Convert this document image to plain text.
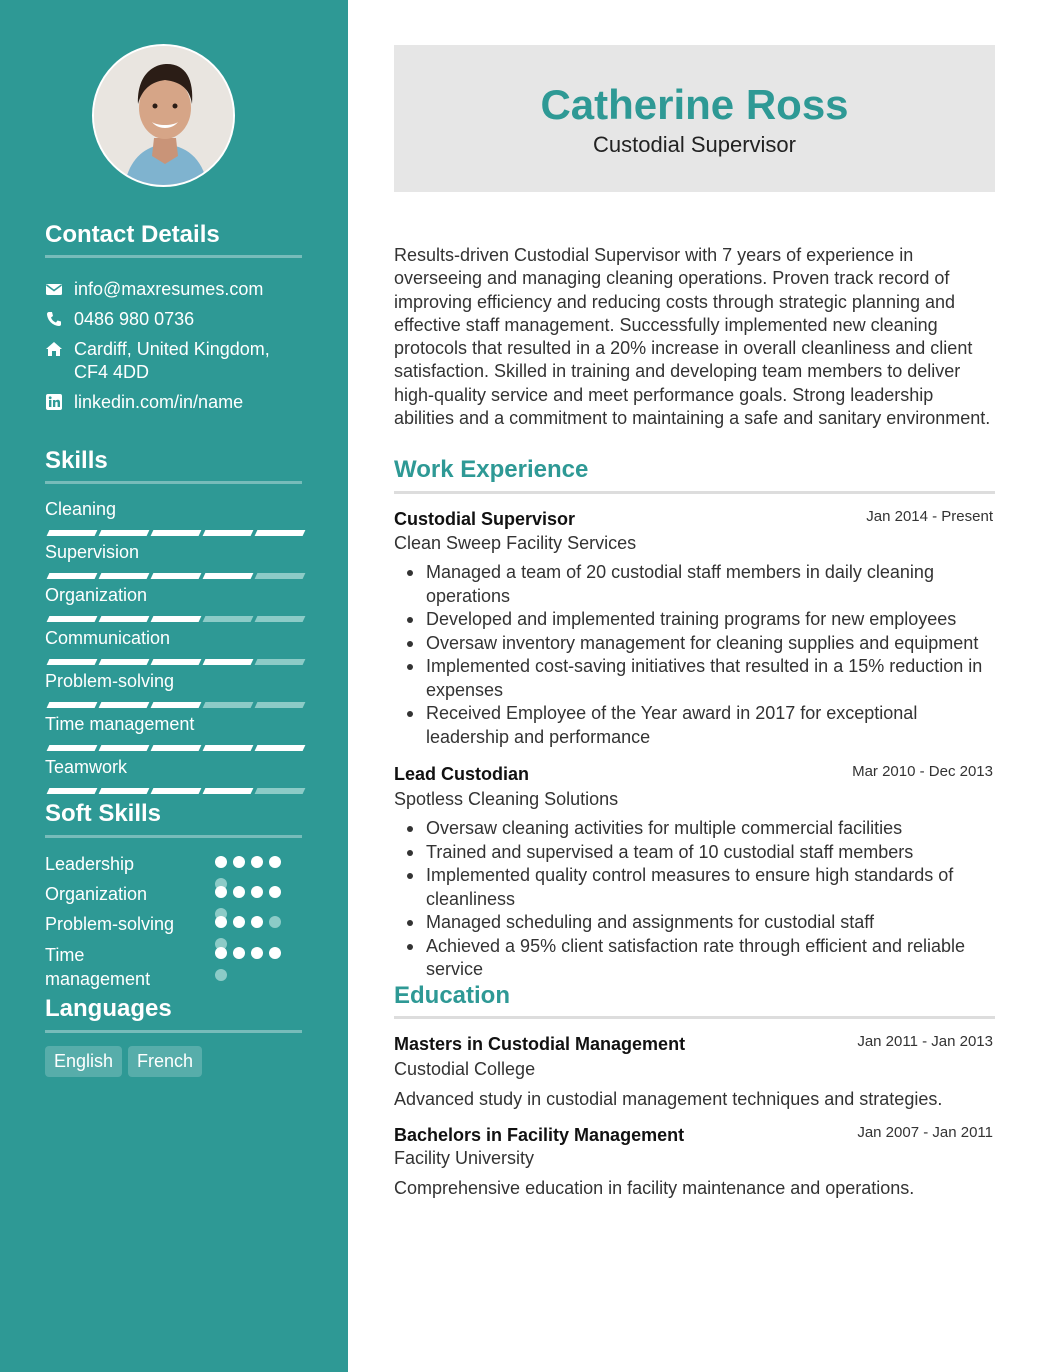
Contact Details
info@maxresumes.com
0486 980 0736
Cardiff, United Kingdom,
CF4 4DD
linkedin.com/in/name
Skills
Cleaning
Supervision
Organization
Communication
Problem-solving
Time management
Teamwork
Soft Skills
Leadership
Organization
Problem-solving
Time management
Languages
English	French
Catherine Ross
Custodial Supervisor

Results-driven Custodial Supervisor with 7 years of experience in overseeing and managing cleaning operations. Proven track record of improving efficiency and reducing costs through strategic planning and effective staff management. Successfully implemented new cleaning protocols that resulted in a 20% increase in overall cleanliness and client satisfaction. Skilled in training and developing team members to deliver high-quality service and meet performance goals. Strong leadership abilities and a commitment to maintaining a safe and sanitary environment.

Work Experience
Custodial Supervisor	Jan 2014 - Present
Clean Sweep Facility Services
Managed a team of 20 custodial staff members in daily cleaning operations
Developed and implemented training programs for new employees
Oversaw inventory management for cleaning supplies and equipment
Implemented cost-saving initiatives that resulted in a 15% reduction in expenses
Received Employee of the Year award in 2017 for exceptional leadership and performance
Lead Custodian	Mar 2010 - Dec 2013
Spotless Cleaning Solutions
Oversaw cleaning activities for multiple commercial facilities
Trained and supervised a team of 10 custodial staff members
Implemented quality control measures to ensure high standards of cleanliness
Managed scheduling and assignments for custodial staff
Achieved a 95% client satisfaction rate through efficient and reliable service
Education
Masters in Custodial Management	Jan 2011 - Jan 2013
Custodial College
Advanced study in custodial management techniques and strategies.
Bachelors in Facility Management	Jan 2007 - Jan 2011
Facility University
Comprehensive education in facility maintenance and operations.
